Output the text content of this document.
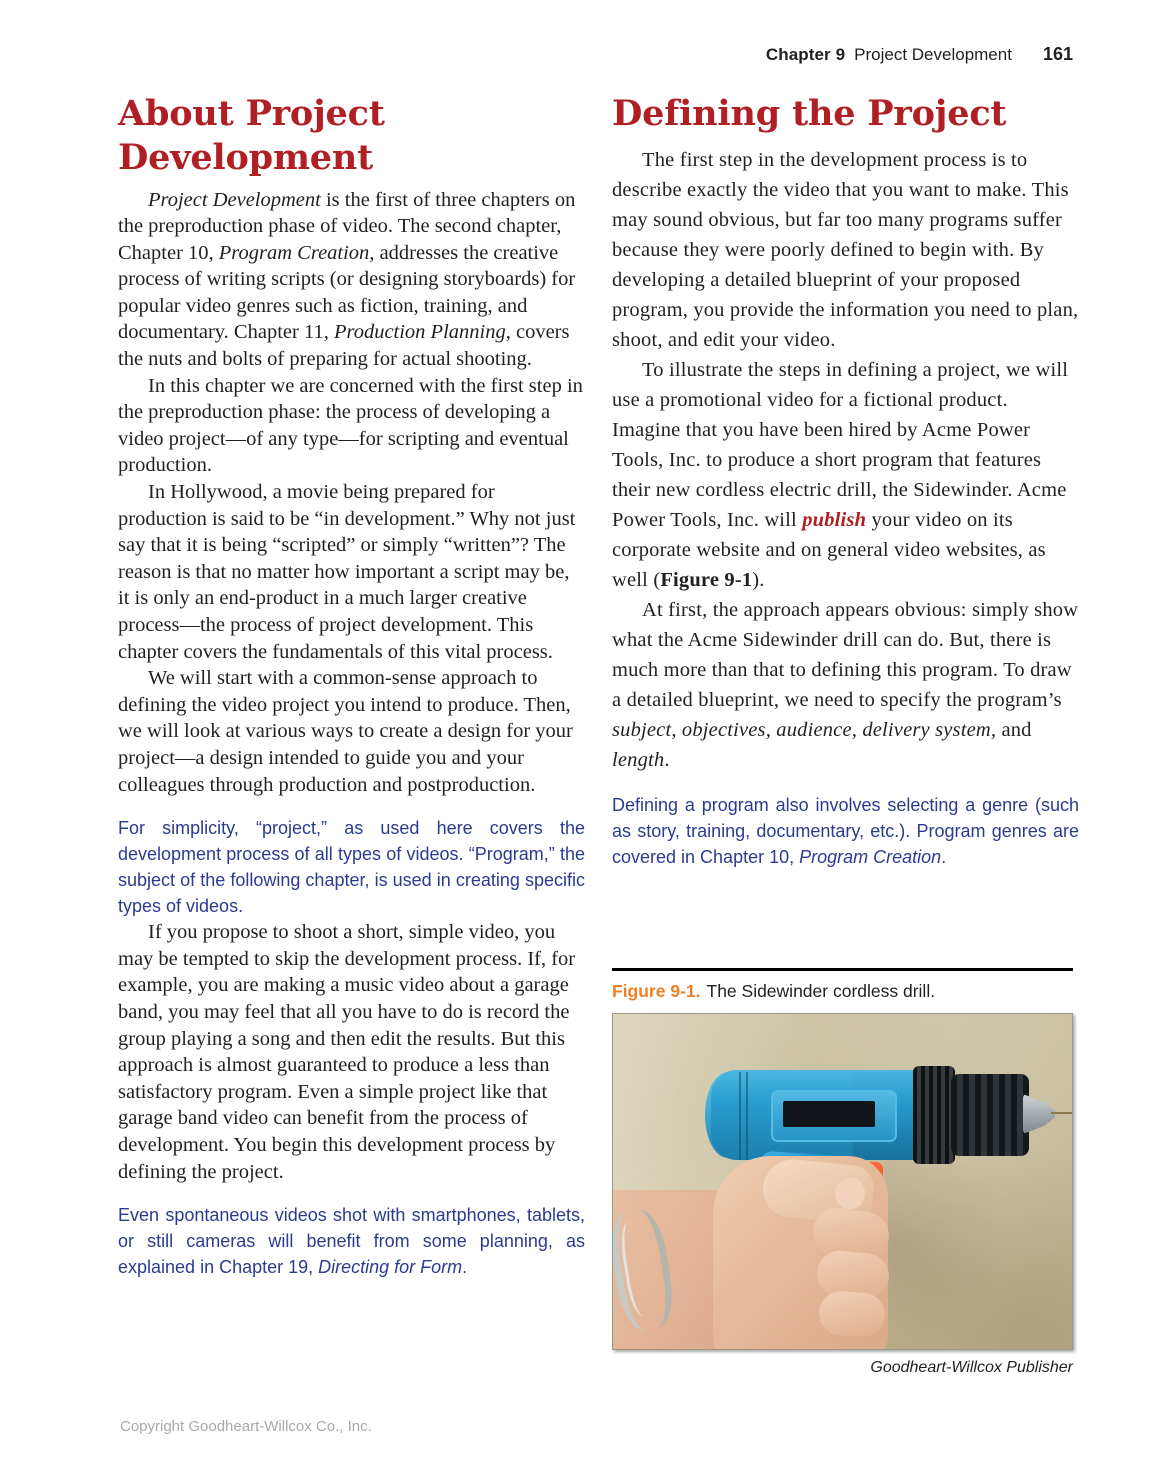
Chapter 9 Project Development 161
About Project Development

Project Development is the first of three chapters on the preproduction phase of video. The second chapter, Chapter 10, Program Creation, addresses the creative process of writing scripts (or designing storyboards) for popular video genres such as fiction, training, and documentary. Chapter 11, Production Planning, covers the nuts and bolts of preparing for actual shooting.

In this chapter we are concerned with the first step in the preproduction phase: the process of developing a video project—of any type—for scripting and eventual production.

In Hollywood, a movie being prepared for production is said to be “in development.” Why not just say that it is being “scripted” or simply “written”? The reason is that no matter how important a script may be, it is only an end-product in a much larger creative process—the process of project development. This chapter covers the fundamentals of this vital process.

We will start with a common-sense approach to defining the video project you intend to produce. Then, we will look at various ways to create a design for your project—a design intended to guide you and your colleagues through production and postproduction.

For simplicity, “project,” as used here covers the development process of all types of videos. “Program,” the subject of the following chapter, is used in creating specific types of videos.

If you propose to shoot a short, simple video, you may be tempted to skip the development process. If, for example, you are making a music video about a garage band, you may feel that all you have to do is record the group playing a song and then edit the results. But this approach is almost guaranteed to produce a less than satisfactory program. Even a simple project like that garage band video can benefit from the process of development. You begin this development process by defining the project.

Even spontaneous videos shot with smartphones, tablets, or still cameras will benefit from some planning, as explained in Chapter 19, Directing for Form.

Defining the Project

The first step in the development process is to describe exactly the video that you want to make. This may sound obvious, but far too many programs suffer because they were poorly defined to begin with. By developing a detailed blueprint of your proposed program, you provide the information you need to plan, shoot, and edit your video.

To illustrate the steps in defining a project, we will use a promotional video for a fictional product. Imagine that you have been hired by Acme Power Tools, Inc. to produce a short program that features their new cordless electric drill, the Sidewinder. Acme Power Tools, Inc. will publish your video on its corporate website and on general video websites, as well (Figure 9-1).

At first, the approach appears obvious: simply show what the Acme Sidewinder drill can do. But, there is much more than that to defining this program. To draw a detailed blueprint, we need to specify the program’s subject, objectives, audience, delivery system, and length.

Defining a program also involves selecting a genre (such as story, training, documentary, etc.). Program genres are covered in Chapter 10, Program Creation.

Figure 9-1. The Sidewinder cordless drill.
Goodheart-Willcox Publisher
Copyright Goodheart-Willcox Co., Inc.
